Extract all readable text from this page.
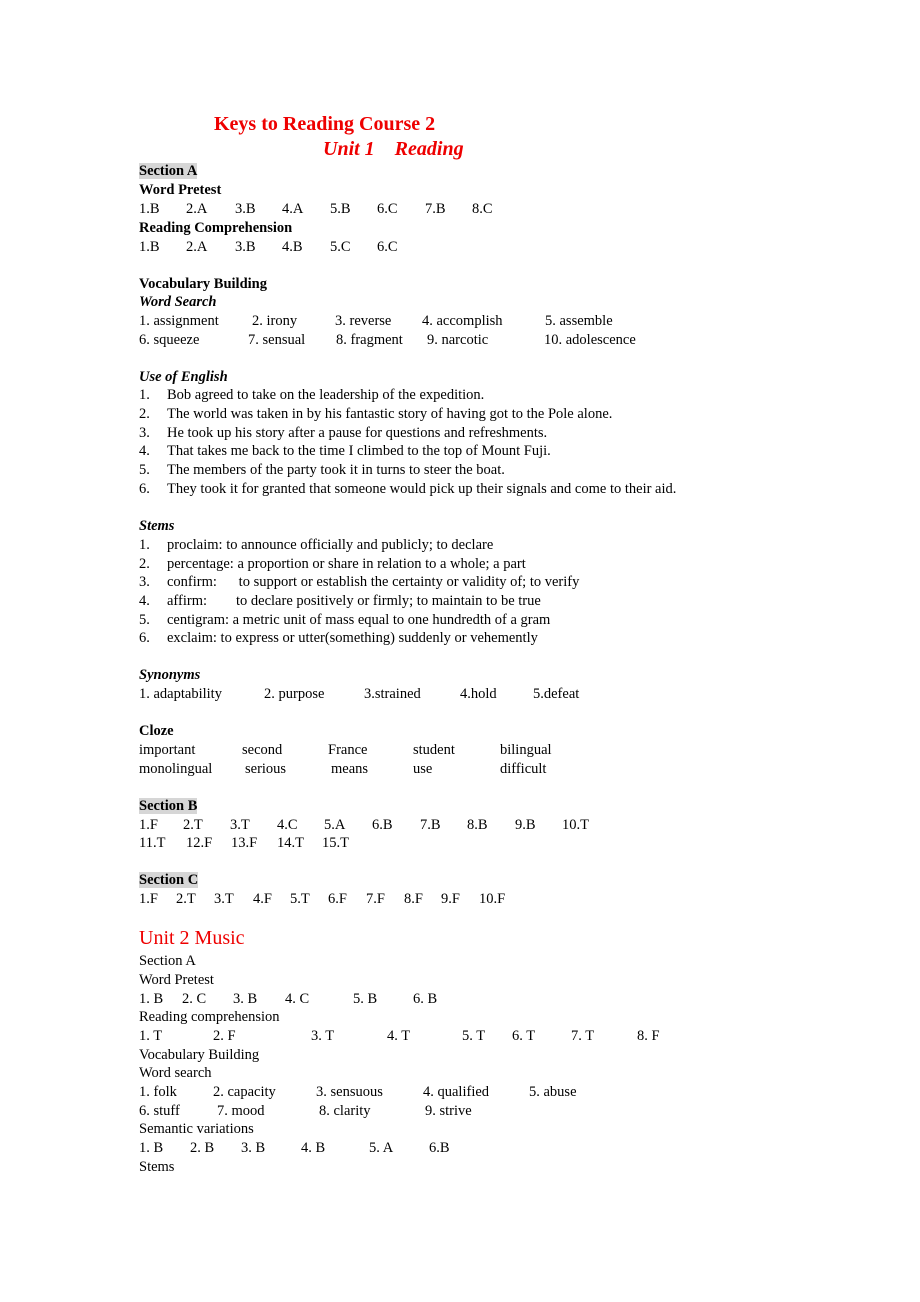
Keys to Reading Course 2
Unit 1    Reading
Section A
Word Pretest
1.B 2.A 3.B 4.A 5.B 6.C 7.B 8.C
Reading Comprehension
1.B 2.A 3.B 4.B 5.C 6.C
Vocabulary Building
Word Search
1. assignment 2. irony	3. reverse 4. accomplish	5. assemble
6. squeeze	7. sensual 8. fragment 9. narcotic	10. adolescence
Use of English
1. Bob agreed to take on the leadership of the expedition.
2. The world was taken in by his fantastic story of having got to the Pole alone.
3. He took up his story after a pause for questions and refreshments.
4. That takes me back to the time I climbed to the top of Mount Fuji.
5. The members of the party took it in turns to steer the boat.
6. They took it for granted that someone would pick up their signals and come to their aid.
Stems
1. proclaim: to announce officially and publicly; to declare
2. percentage: a proportion or share in relation to a whole; a part
3. confirm:      to support or establish the certainty or validity of; to verify
4. affirm:        to declare positively or firmly; to maintain to be true
5. centigram: a metric unit of mass equal to one hundredth of a gram
6. exclaim: to express or utter(something) suddenly or vehemently
Synonyms
1. adaptability	2. purpose	3.strained	4.hold	5.defeat
Cloze
important	second	France	student	bilingual
monolingual serious	means	use	difficult
Section B
1.F 2.T 3.T 4.C 5.A 6.B 7.B 8.B 9.B 10.T
11.T 12.F 13.F 14.T 15.T
Section C
1.F 2.T 3.T 4.F 5.T 6.F 7.F 8.F 9.F 10.F
Unit 2 Music
Section A
Word Pretest
1. B 2. C 3. B 4. C	5. B 6. B
Reading comprehension
1. T	2. F	3. T	4. T	5. T 6. T 7. T	8. F
Vocabulary Building
Word search
1. folk 2. capacity	3. sensuous	4. qualified	5. abuse
6. stuff	7. mood	8. clarity	9. strive
Semantic variations
1. B 2. B 3. B 4. B	5. A 6.B
Stems
